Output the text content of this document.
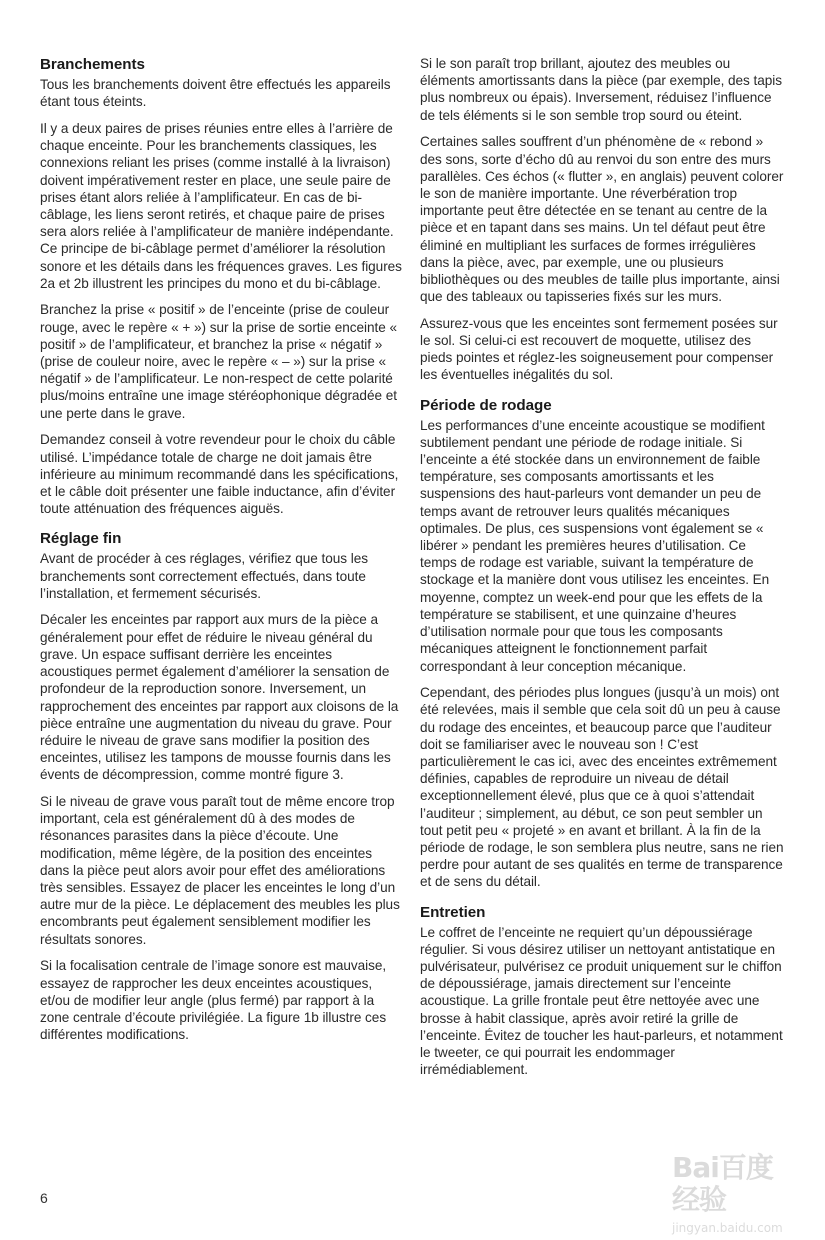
Branchements

Tous les branchements doivent être effectués les appareils étant tous éteints.

Il y a deux paires de prises réunies entre elles à l’arrière de chaque enceinte. Pour les branchements classiques, les connexions reliant les prises (comme installé à la livraison) doivent impérativement rester en place, une seule paire de prises étant alors reliée à l’amplificateur. En cas de bi-câblage, les liens seront retirés, et chaque paire de prises sera alors reliée à l’amplificateur de manière indépendante. Ce principe de bi-câblage permet d’améliorer la résolution sonore et les détails dans les fréquences graves. Les figures 2a et 2b illustrent les principes du mono et du bi-câblage.

Branchez la prise « positif » de l’enceinte (prise de couleur rouge, avec le repère « + ») sur la prise de sortie enceinte « positif » de l’amplificateur, et branchez la prise « négatif » (prise de couleur noire, avec le repère « – ») sur la prise « négatif » de l’amplificateur. Le non-respect de cette polarité plus/moins entraîne une image stéréophonique dégradée et une perte dans le grave.

Demandez conseil à votre revendeur pour le choix du câble utilisé. L’impédance totale de charge ne doit jamais être inférieure au minimum recommandé dans les spécifications, et le câble doit présenter une faible inductance, afin d’éviter toute atténuation des fréquences aiguës.

Réglage fin

Avant de procéder à ces réglages, vérifiez que tous les branchements sont correctement effectués, dans toute l’installation, et fermement sécurisés.

Décaler les enceintes par rapport aux murs de la pièce a généralement pour effet de réduire le niveau général du grave. Un espace suffisant derrière les enceintes acoustiques permet également d’améliorer la sensation de profondeur de la reproduction sonore. Inversement, un rapprochement des enceintes par rapport aux cloisons de la pièce entraîne une augmentation du niveau du grave. Pour réduire le niveau de grave sans modifier la position des enceintes, utilisez les tampons de mousse fournis dans les évents de décompression, comme montré figure 3.

Si le niveau de grave vous paraît tout de même encore trop important, cela est généralement dû à des modes de résonances parasites dans la pièce d’écoute. Une modification, même légère, de la position des enceintes dans la pièce peut alors avoir pour effet des améliorations très sensibles. Essayez de placer les enceintes le long d’un autre mur de la pièce. Le déplacement des meubles les plus encombrants peut également sensiblement modifier les résultats sonores.

Si la focalisation centrale de l’image sonore est mauvaise, essayez de rapprocher les deux enceintes acoustiques, et/ou de modifier leur angle (plus fermé) par rapport à la zone centrale d’écoute privilégiée. La figure 1b illustre ces différentes modifications.

Si le son paraît trop brillant, ajoutez des meubles ou éléments amortissants dans la pièce (par exemple, des tapis plus nombreux ou épais). Inversement, réduisez l’influence de tels éléments si le son semble trop sourd ou éteint.

Certaines salles souffrent d’un phénomène de « rebond » des sons, sorte d’écho dû au renvoi du son entre des murs parallèles. Ces échos (« flutter », en anglais) peuvent colorer le son de manière importante. Une réverbération trop importante peut être détectée en se tenant au centre de la pièce et en tapant dans ses mains. Un tel défaut peut être éliminé en multipliant les surfaces de formes irrégulières dans la pièce, avec, par exemple, une ou plusieurs bibliothèques ou des meubles de taille plus importante, ainsi que des tableaux ou tapisseries fixés sur les murs.

Assurez-vous que les enceintes sont fermement posées sur le sol. Si celui-ci est recouvert de moquette, utilisez des pieds pointes et réglez-les soigneusement pour compenser les éventuelles inégalités du sol.

Période de rodage

Les performances d’une enceinte acoustique se modifient subtilement pendant une période de rodage initiale. Si l’enceinte a été stockée dans un environnement de faible température, ses composants amortissants et les suspensions des haut-parleurs vont demander un peu de temps avant de retrouver leurs qualités mécaniques optimales. De plus, ces suspensions vont également se « libérer » pendant les premières heures d’utilisation. Ce temps de rodage est variable, suivant la température de stockage et la manière dont vous utilisez les enceintes. En moyenne, comptez un week-end pour que les effets de la température se stabilisent, et une quinzaine d’heures d’utilisation normale pour que tous les composants mécaniques atteignent le fonctionnement parfait correspondant à leur conception mécanique.

Cependant, des périodes plus longues (jusqu’à un mois) ont été relevées, mais il semble que cela soit dû un peu à cause du rodage des enceintes, et beaucoup parce que l’auditeur doit se familiariser avec le nouveau son ! C’est particulièrement le cas ici, avec des enceintes extrêmement définies, capables de reproduire un niveau de détail exceptionnellement élevé, plus que ce à quoi s’attendait l’auditeur ; simplement, au début, ce son peut sembler un tout petit peu « projeté » en avant et brillant. À la fin de la période de rodage, le son semblera plus neutre, sans ne rien perdre pour autant de ses qualités en terme de transparence et de sens du détail.

Entretien

Le coffret de l’enceinte ne requiert qu’un dépoussiérage régulier. Si vous désirez utiliser un nettoyant antistatique en pulvérisateur, pulvérisez ce produit uniquement sur le chiffon de dépoussiérage, jamais directement sur l’enceinte acoustique. La grille frontale peut être nettoyée avec une brosse à habit classique, après avoir retiré la grille de l’enceinte. Évitez de toucher les haut-parleurs, et notamment le tweeter, ce qui pourrait les endommager irrémédiablement.

6
Bai百度经验
jingyan.baidu.com
